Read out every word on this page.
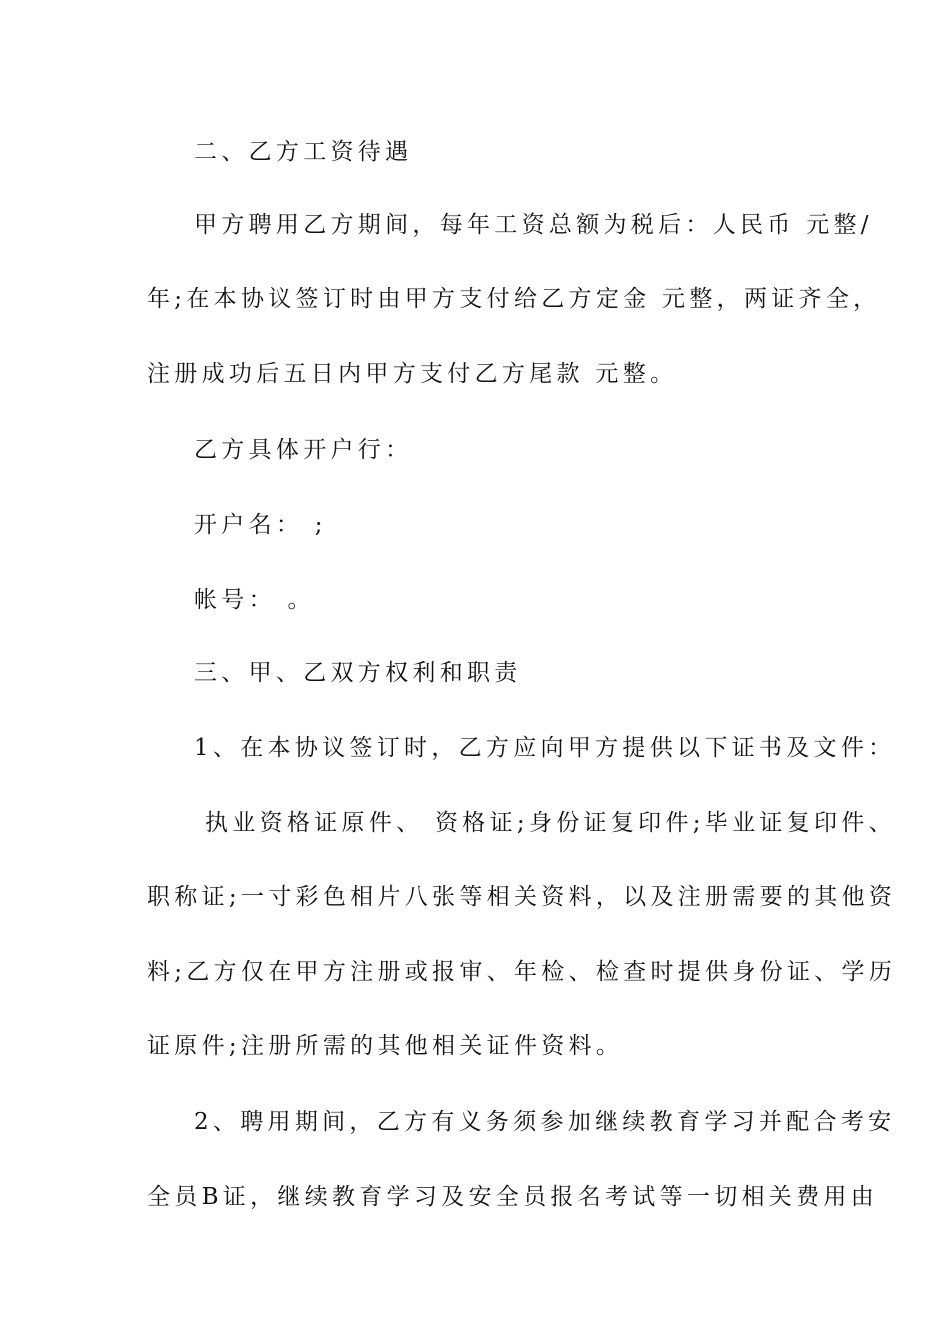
二、乙方工资待遇
甲方聘用乙方期间，每年工资总额为税后：人民币 元整/
年;在本协议签订时由甲方支付给乙方定金 元整，两证齐全，
注册成功后五日内甲方支付乙方尾款 元整。
乙方具体开户行：
开户名： ;
帐号： 。
三、甲、乙双方权利和职责
1、在本协议签订时，乙方应向甲方提供以下证书及文件：
执业资格证原件、 资格证;身份证复印件;毕业证复印件、
职称证;一寸彩色相片八张等相关资料，以及注册需要的其他资
料;乙方仅在甲方注册或报审、年检、检查时提供身份证、学历
证原件;注册所需的其他相关证件资料。
2、聘用期间，乙方有义务须参加继续教育学习并配合考安
全员B证，继续教育学习及安全员报名考试等一切相关费用由
